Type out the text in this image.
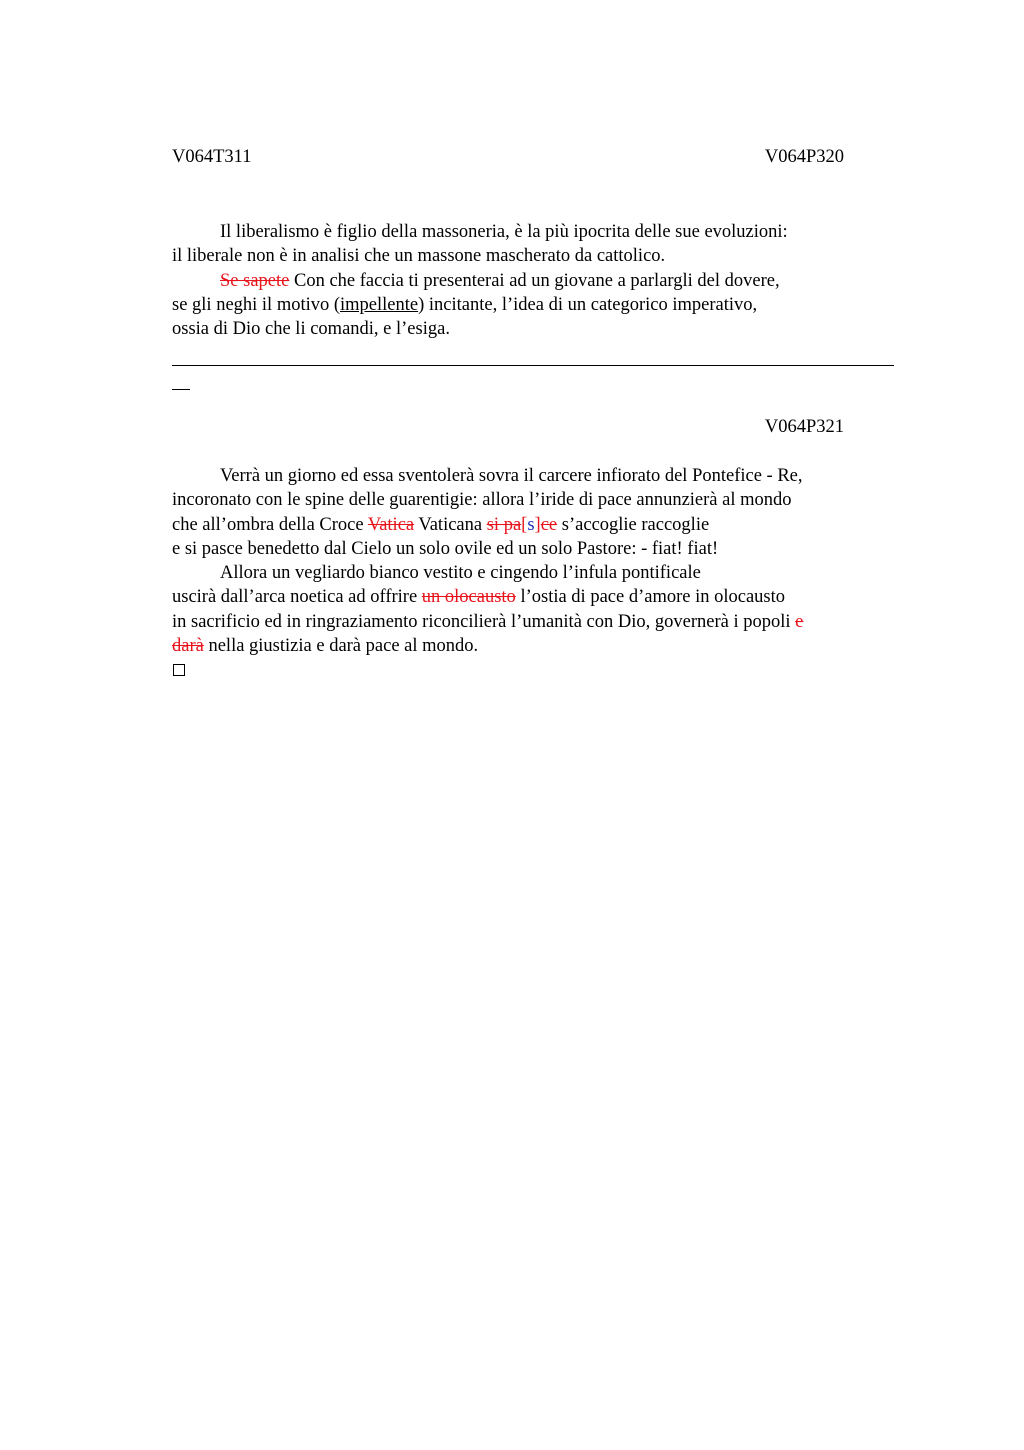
V064T311	V064P320
Il liberalismo è figlio della massoneria, è la più ipocrita delle sue evoluzioni:
il liberale non è in analisi che un massone mascherato da cattolico.
Se sapete Con che faccia ti presenterai ad un giovane a parlargli del dovere,
se gli neghi il motivo (impellente) incitante, l’idea di un categorico imperativo,
ossia di Dio che li comandi, e l’esiga.
V064P321
Verrà un giorno ed essa sventolerà sovra il carcere infiorato del Pontefice - Re,
incoronato con le spine delle guarentigie: allora l’iride di pace annunzierà al mondo
che all’ombra della Croce Vatica Vaticana si pa[s]ce s’accoglie raccoglie
e si pasce benedetto dal Cielo un solo ovile ed un solo Pastore: - fiat! fiat!
Allora un vegliardo bianco vestito e cingendo l’infula pontificale
uscirà dall’arca noetica ad offrire un olocausto l’ostia di pace d’amore in olocausto
in sacrificio ed in ringraziamento riconcilierà l’umanità con Dio, governerà i popoli e
darà nella giustizia e darà pace al mondo.
